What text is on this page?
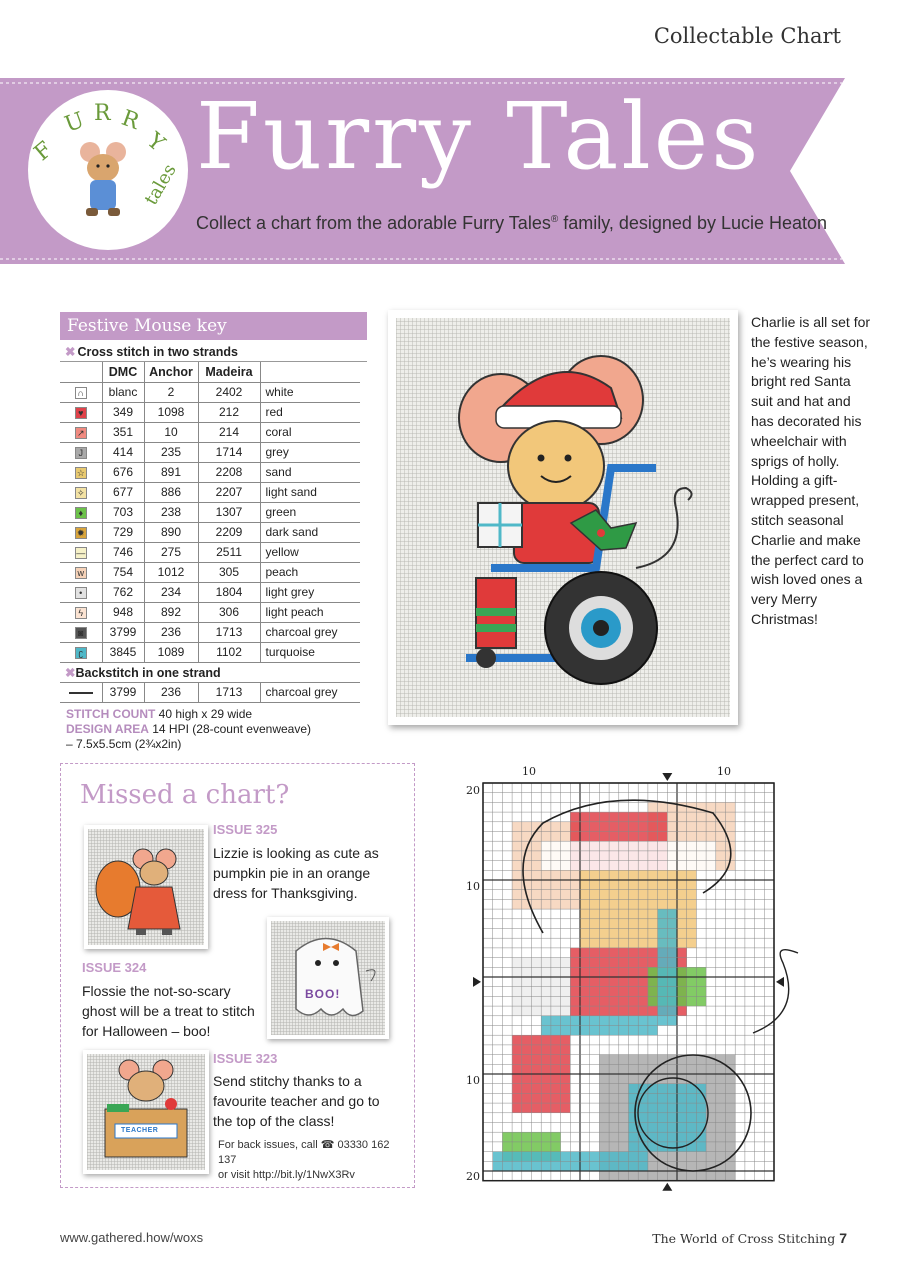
Collectable Chart
F
U R R
Y
tales Furry Tales
Collect a chart from the adorable Furry Tales® family, designed by Lucie Heaton
Festive Mouse key
✖ Cross stitch in two strands
	DMC	Anchor	Madeira	
∩	blanc	2	2402	white
♥	349	1098	212	red
↗	351	10	214	coral
J	414	235	1714	grey
☆	676	891	2208	sand
✧	677	886	2207	light sand
♦	703	238	1307	green
✹	729	890	2209	dark sand
—	746	275	2511	yellow
w	754	1012	305	peach
•	762	234	1804	light grey
ϟ	948	892	306	light peach
◙	3799	236	1713	charcoal grey
ʗ	3845	1089	1102	turquoise
✖Backstitch in one strand				
	3799	236	1713	charcoal grey
STITCH COUNT 40 high x 29 wide
DESIGN AREA 14 HPI (28-count evenweave)
– 7.5x5.5cm (2¾x2in)
Charlie is all set for the festive season, he’s wearing his bright red Santa suit and hat and has decorated his wheelchair with sprigs of holly. Holding a gift-wrapped present, stitch seasonal Charlie and make the perfect card to wish loved ones a very Merry Christmas!
Missed a chart?
ISSUE 325
Lizzie is looking as cute as pumpkin pie in an orange dress for Thanksgiving.
BOO!
ISSUE 324
Flossie the not-so-scary ghost will be a treat to stitch for Halloween – boo!
TEACHER
ISSUE 323
Send stitchy thanks to a favourite teacher and go to the top of the class!
For back issues, call ☎ 03330 162 137
or visit http://bit.ly/1NwX3Rv
10	10
20
10
10
20
www.gathered.how/woxs	The World of Cross Stitching 7
